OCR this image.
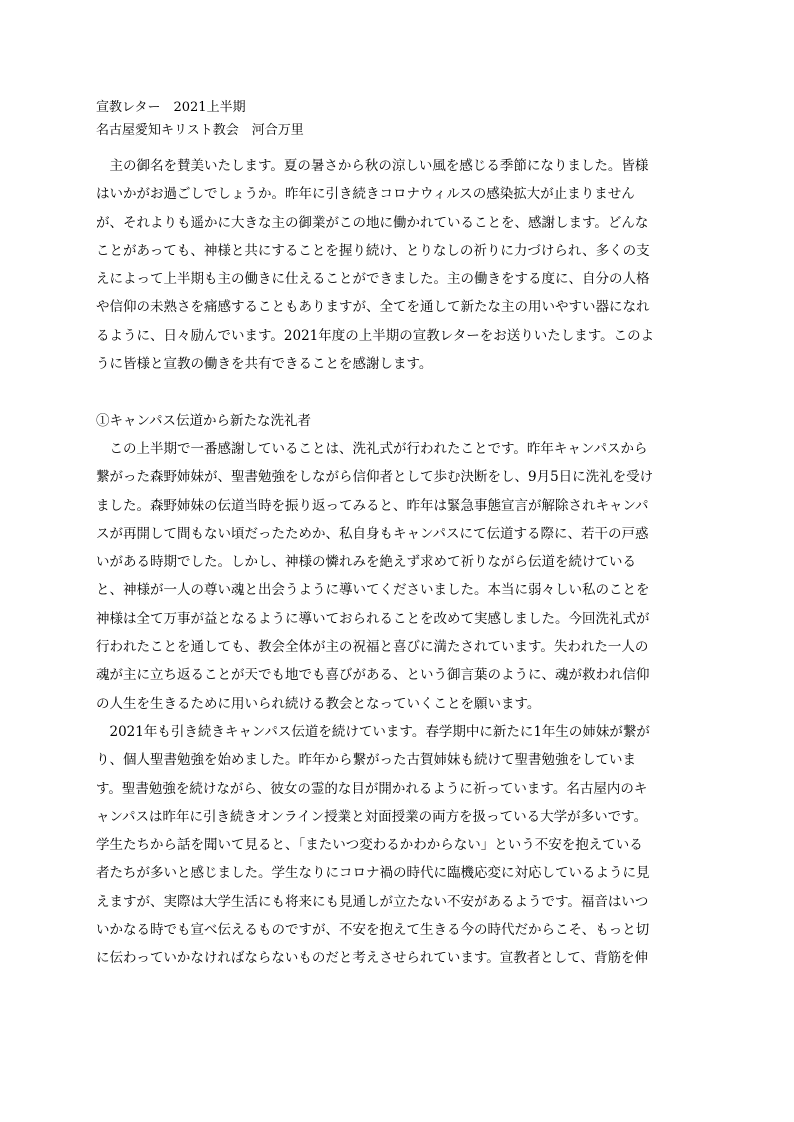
宣教レター　2021上半期
名古屋愛知キリスト教会　河合万里
　主の御名を賛美いたします。夏の暑さから秋の涼しい風を感じる季節になりました。皆様
はいかがお過ごしでしょうか。昨年に引き続きコロナウィルスの感染拡大が止まりません
が、それよりも遥かに大きな主の御業がこの地に働かれていることを、感謝します。どんな
ことがあっても、神様と共にすることを握り続け、とりなしの祈りに力づけられ、多くの支
えによって上半期も主の働きに仕えることができました。主の働きをする度に、自分の人格
や信仰の未熟さを痛感することもありますが、全てを通して新たな主の用いやすい器になれ
るように、日々励んでいます。2021年度の上半期の宣教レターをお送りいたします。このよ
うに皆様と宣教の働きを共有できることを感謝します。
①キャンパス伝道から新たな洗礼者
　この上半期で一番感謝していることは、洗礼式が行われたことです。昨年キャンパスから
繋がった森野姉妹が、聖書勉強をしながら信仰者として歩む決断をし、9月5日に洗礼を受け
ました。森野姉妹の伝道当時を振り返ってみると、昨年は緊急事態宣言が解除されキャンパ
スが再開して間もない頃だったためか、私自身もキャンパスにて伝道する際に、若干の戸惑
いがある時期でした。しかし、神様の憐れみを絶えず求めて祈りながら伝道を続けている
と、神様が一人の尊い魂と出会うように導いてくださいました。本当に弱々しい私のことを
神様は全て万事が益となるように導いておられることを改めて実感しました。今回洗礼式が
行われたことを通しても、教会全体が主の祝福と喜びに満たされています。失われた一人の
魂が主に立ち返ることが天でも地でも喜びがある、という御言葉のように、魂が救われ信仰
の人生を生きるために用いられ続ける教会となっていくことを願います。
　2021年も引き続きキャンパス伝道を続けています。春学期中に新たに1年生の姉妹が繋が
り、個人聖書勉強を始めました。昨年から繋がった古賀姉妹も続けて聖書勉強をしていま
す。聖書勉強を続けながら、彼女の霊的な目が開かれるように祈っています。名古屋内のキ
ャンパスは昨年に引き続きオンライン授業と対面授業の両方を扱っている大学が多いです。
学生たちから話を聞いて見ると、「またいつ変わるかわからない」という不安を抱えている
者たちが多いと感じました。学生なりにコロナ禍の時代に臨機応変に対応しているように見
えますが、実際は大学生活にも将来にも見通しが立たない不安があるようです。福音はいつ
いかなる時でも宣べ伝えるものですが、不安を抱えて生きる今の時代だからこそ、もっと切
に伝わっていかなければならないものだと考えさせられています。宣教者として、背筋を伸
